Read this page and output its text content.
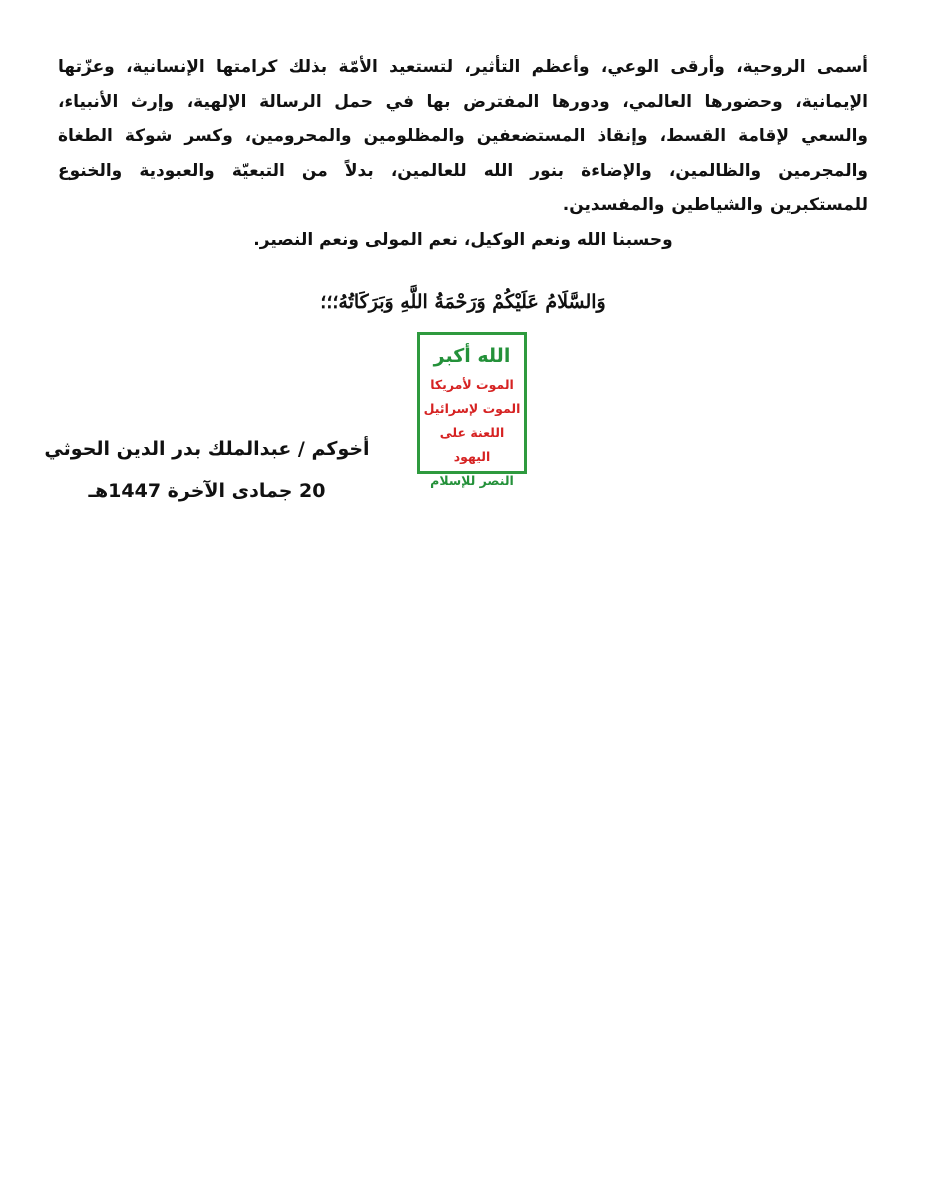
أسمى الروحية، وأرقى الوعي، وأعظم التأثير، لتستعيد الأمّة بذلك كرامتها الإنسانية، وعزّتها الإيمانية، وحضورها العالمي، ودورها المفترض بها في حمل الرسالة الإلهية، وإرث الأنبياء، والسعي لإقامة القسط، وإنقاذ المستضعفين والمظلومين والمحرومين، وكسر شوكة الطغاة والمجرمين والظالمين، والإضاءة بنور الله للعالمين، بدلاً من التبعيّة والعبودية والخنوع للمستكبرين والشياطين والمفسدين.
وحسبنا الله ونعم الوكيل، نعم المولى ونعم النصير.
وَالسَّلَامُ عَلَيْكُمْ وَرَحْمَةُ اللَّهِ وَبَرَكَاتُهُ؛؛؛
الله أكبر
الموت لأمريكا
الموت لإسرائيل
اللعنة على اليهود
النصر للإسلام
أخوكم / عبدالملك بدر الدين الحوثي
20 جمادى الآخرة 1447هـ
